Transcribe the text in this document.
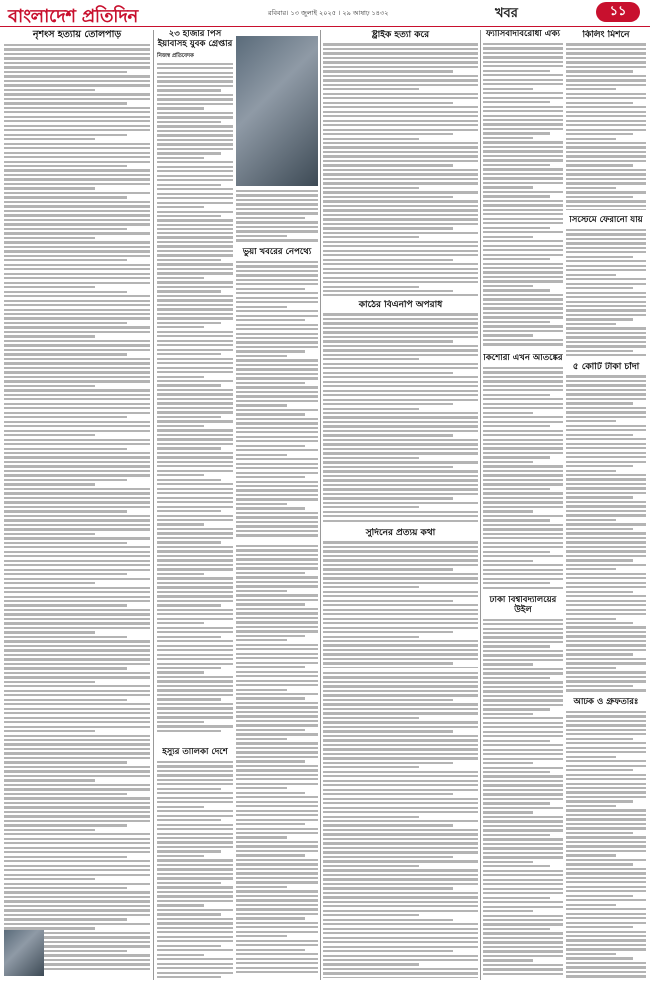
বাংলাদেশ প্রতিদিন	রবিবার। ১৩ জুলাই ২০২৫ । ২৯ আষাঢ় ১৪৩২	খবর	১১
নৃশংস হত্যায় তোলপাড়	২৩ হাজার পিস ইয়াবাসহ যুবক গ্রেপ্তার
নিজস্ব প্রতিবেদক
ভুয়া খবরের নেপথ্যে
ইস্যুর তালিকা দেশে
ষ্ট্রাইক হত্যা করে
কাঠের বিএনপি অপরাধ
সুদিনের প্রত্যয় কথা
ফ্যাসিবাদবিরোধী ঐক্য	কিলিং মিশনে
সিস্টেমে ফেরানো যায়
কিশোরী এখন আতঙ্কের
৫ কোটি টাকা চাঁদা
ঢাকা বিশ্ববিদ্যালয়ের উইল
আটক ও গ্রুফতারঃ
